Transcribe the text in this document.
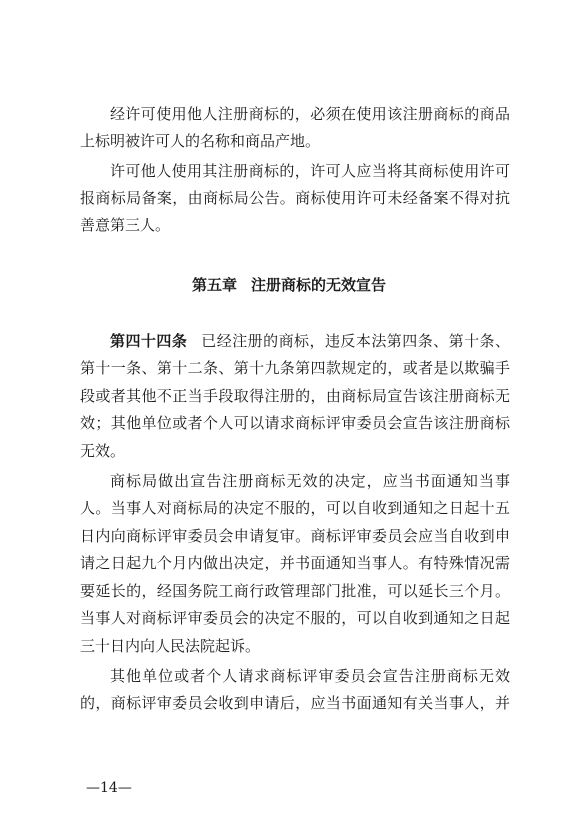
经许可使用他人注册商标的，必须在使用该注册商标的商品
上标明被许可人的名称和商品产地。
许可他人使用其注册商标的，许可人应当将其商标使用许可
报商标局备案，由商标局公告。商标使用许可未经备案不得对抗
善意第三人。
第五章 注册商标的无效宣告
第四十四条 已经注册的商标，违反本法第四条、第十条、
第十一条、第十二条、第十九条第四款规定的，或者是以欺骗手
段或者其他不正当手段取得注册的，由商标局宣告该注册商标无
效；其他单位或者个人可以请求商标评审委员会宣告该注册商标
无效。
商标局做出宣告注册商标无效的决定，应当书面通知当事
人。当事人对商标局的决定不服的，可以自收到通知之日起十五
日内向商标评审委员会申请复审。商标评审委员会应当自收到申
请之日起九个月内做出决定，并书面通知当事人。有特殊情况需
要延长的，经国务院工商行政管理部门批准，可以延长三个月。
当事人对商标评审委员会的决定不服的，可以自收到通知之日起
三十日内向人民法院起诉。
其他单位或者个人请求商标评审委员会宣告注册商标无效
的，商标评审委员会收到申请后，应当书面通知有关当事人，并
—14—
